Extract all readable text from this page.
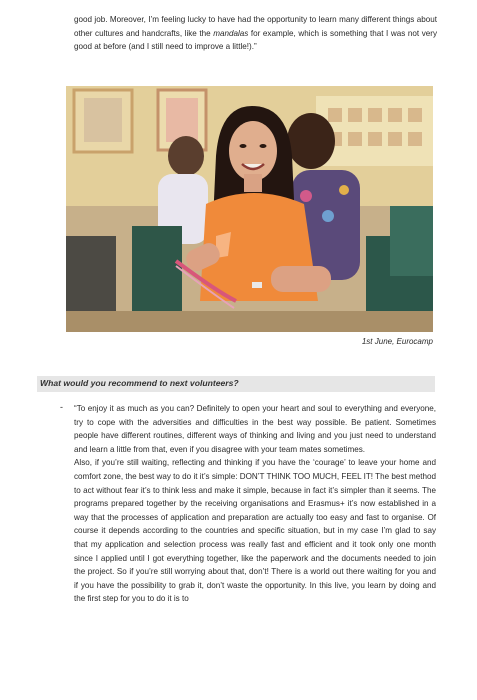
good job. Moreover, I’m feeling lucky to have had the opportunity to learn many different things about other cultures and handcrafts, like the mandalas for example, which is something that I was not very good at before (and I still need to improve a little!).”

1st June, Eurocamp
What would you recommend to next volunteers?
-	“To enjoy it as much as you can? Definitely to open your heart and soul to everything and everyone, try to cope with the adversities and difficulties in the best way possible. Be patient. Sometimes people have different routines, different ways of thinking and living and you just need to understand and learn a little from that, even if you disagree with your team mates sometimes.

Also, if you’re still waiting, reflecting and thinking if you have the ‘courage’ to leave your home and comfort zone, the best way to do it it’s simple: DON’T THINK TOO MUCH, FEEL IT! The best method to act without fear it’s to think less and make it simple, because in fact it’s simpler than it seems. The programs prepared together by the receiving organisations and Erasmus+ it’s now established in a way that the processes of application and preparation are actually too easy and fast to organise. Of course it depends according to the countries and specific situation, but in my case I’m glad to say that my application and selection process was really fast and efficient and it took only one month since I applied until I got everything together, like the paperwork and the documents needed to join the project. So if you’re still worrying about that, don’t! There is a world out there waiting for you and if you have the possibility to grab it, don’t waste the opportunity. In this live, you learn by doing and the first step for you to do it is to
